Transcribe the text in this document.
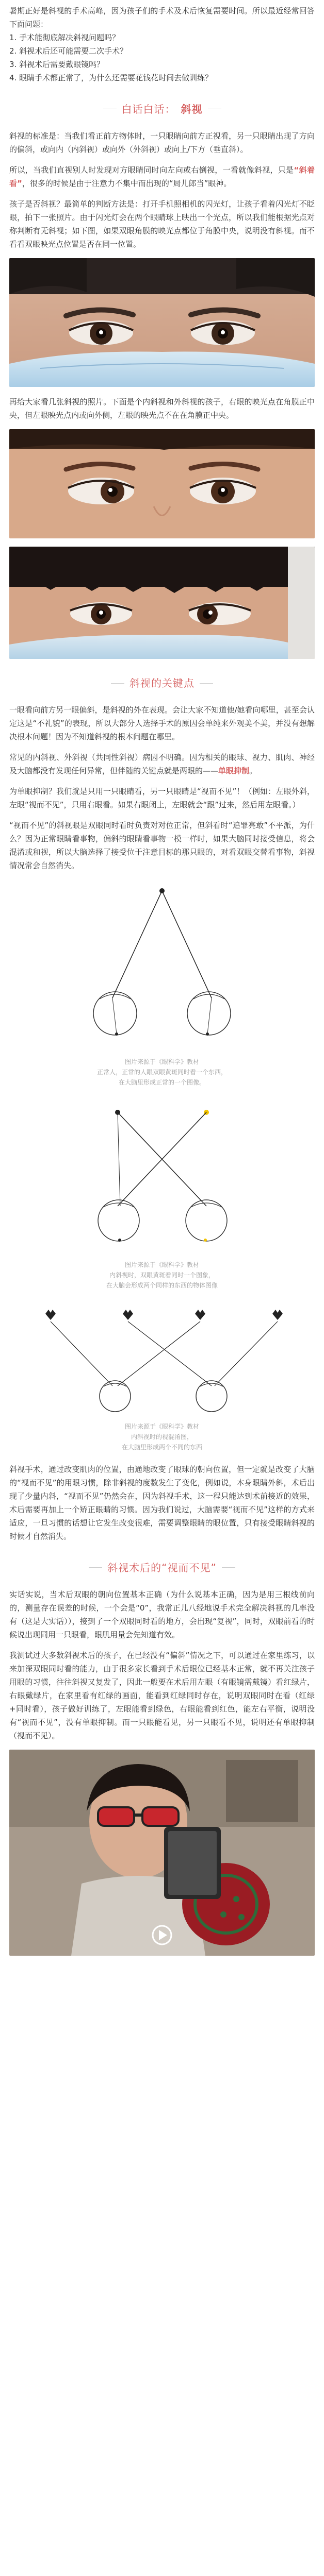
暑期正好是斜视的手术高峰，因为孩子们的手术及术后恢复需要时间。所以最近经常回答下面问题：

1. 手术能彻底解决斜视问题吗？

2. 斜视术后还可能需要二次手术？

3. 斜视术后需要戴眼镜吗？

4. 眼睛手术都正常了，为什么还需要花钱花时间去做训练？

白话白话： 斜视

斜视的标准是：当我们看正前方物体时，一只眼睛向前方正视看，另一只眼睛出现了方向的偏斜，或向内（内斜视）或向外（外斜视）或向上/下方（垂直斜）。

所以，当我们直视别人时发现对方眼睛同时向左向或右倒视，一看就像斜视，只是“斜着看”，很多的时候是由于注意力不集中而出现的“局儿郎当”眼神。

孩子是否斜视？最简单的判断方法是：打开手机照相机的闪光灯，让孩子看着闪光灯不眨眼，拍下一张照片。由于闪光灯会在两个眼睛球上映出一个光点，所以我们能根据光点对称判断有无斜视；如下图，如果双眼角膜的映光点都位于角膜中央，说明没有斜视。而不看看双眼映光点位置是否在同一位置。

再给大家看几张斜视的照片。下面是个内斜视和外斜视的孩子，右眼的映光点在角膜正中央，但左眼映光点内或向外侧，左眼的映光点不在在角膜正中央。

斜视的关键点

一眼看向前方另一眼偏斜，是斜视的外在表现。会让大家不知道他/她看向哪里，甚至会认定这是“不礼貌”的表现，所以大部分人选择手术的原因会单纯来外观美不美，并没有想解决根本问题！因为不知道斜视的根本问题在哪里。

常见的内斜视、外斜视（共同性斜视）病因不明确。因为相关的眼球、视力、肌肉、神经及大脑都没有发现任何异常，但伴随的关键点就是两眼的——单眼抑制。

为单眼抑制？我们就是只用一只眼睛看，另一只眼睛是“视而不见”！（例如：左眼外斜，左眼“视而不见”，只用右眼看。如果右眼闭上，左眼就会“跟”过来，然后用左眼看。）

“视而不见”的斜视眼是双眼同时看时负责对对位正常，但斜看时“追罪亮敢”不平派，为什么？因为正常眼睛看事物，偏斜的眼睛看事物一模一样时，如果大脑同时接受信息，将会混淆或和视，所以大脑选择了接受位于注意目标的那只眼的，对看双眼交替看事物，斜视情况常会自然消失。

图片来源于《眼科学》教材
正常人，正常的人眼双眼黄斑同时看一个东西，
在大脑里形成正常的一个图像。
图片来源于《眼科学》教材
内斜视时，双眼黄斑看同时一个图象，
在大脑会形成两个同样的东西的物体图像
图片来源于《眼科学》教材
内斜视时的视混淆图，
在大脑里形成两个不同的东西

斜视手术，通过改变肌肉的位置，由通地改变了眼球的朝向位置，但一定就是改变了大脑的“视而不见”的用眼习惯，除非斜视的度数发生了变化，例如说，本身眼睛外斜，术后出现了少量内斜，“视而不见”仍然会在，因为斜视手术，这一程只能达到术前接近的效果，术后需要再加上一个矫正眼睛的习惯。因为我们说过，大脑需要“视而不见”这样的方式来适应，一旦习惯的话想让它发生改变很难，需要调整眼睛的眼位置，只有接受眼睛斜视的时候才自然消失。

斜视术后的“视而不见”

实话实说，当术后双眼的朝向位置基本正确（为什么说基本正确，因为是用三根线前向的，测量存在误差的时候，一个会是“0”，我常正儿八经地说手术完全解决斜视的几率没有（这是大实话）），接到了一个双眼同时看的地方，会出现“复视”，同时，双眼前看的时候说出现同用一只眼看，眼肌用量会先知道有效。

我测试过大多数斜视术后的孩子，在已经没有“偏斜”情况之下，可以通过在家里练习，以来加深双眼同时看的能力，由于很多家长看到手术后眼位已经基本正常，就不再关注孩子用眼的习惯，往往斜视又复发了，因此一般要在术后用左眼（有眼镜需戴镜）看红绿片，右眼戴绿片，在家里看有红绿的画面，能看到红绿同时存在，说明双眼同时在看（红绿+同时看），孩子做好训练了，左眼能看到绿色，右眼能看到红色，能左右平衡，说明没有“视而不见”，没有单眼抑制。而一只眼能看见，另一只眼看不见，说明还有单眼抑制（视而不见）。
